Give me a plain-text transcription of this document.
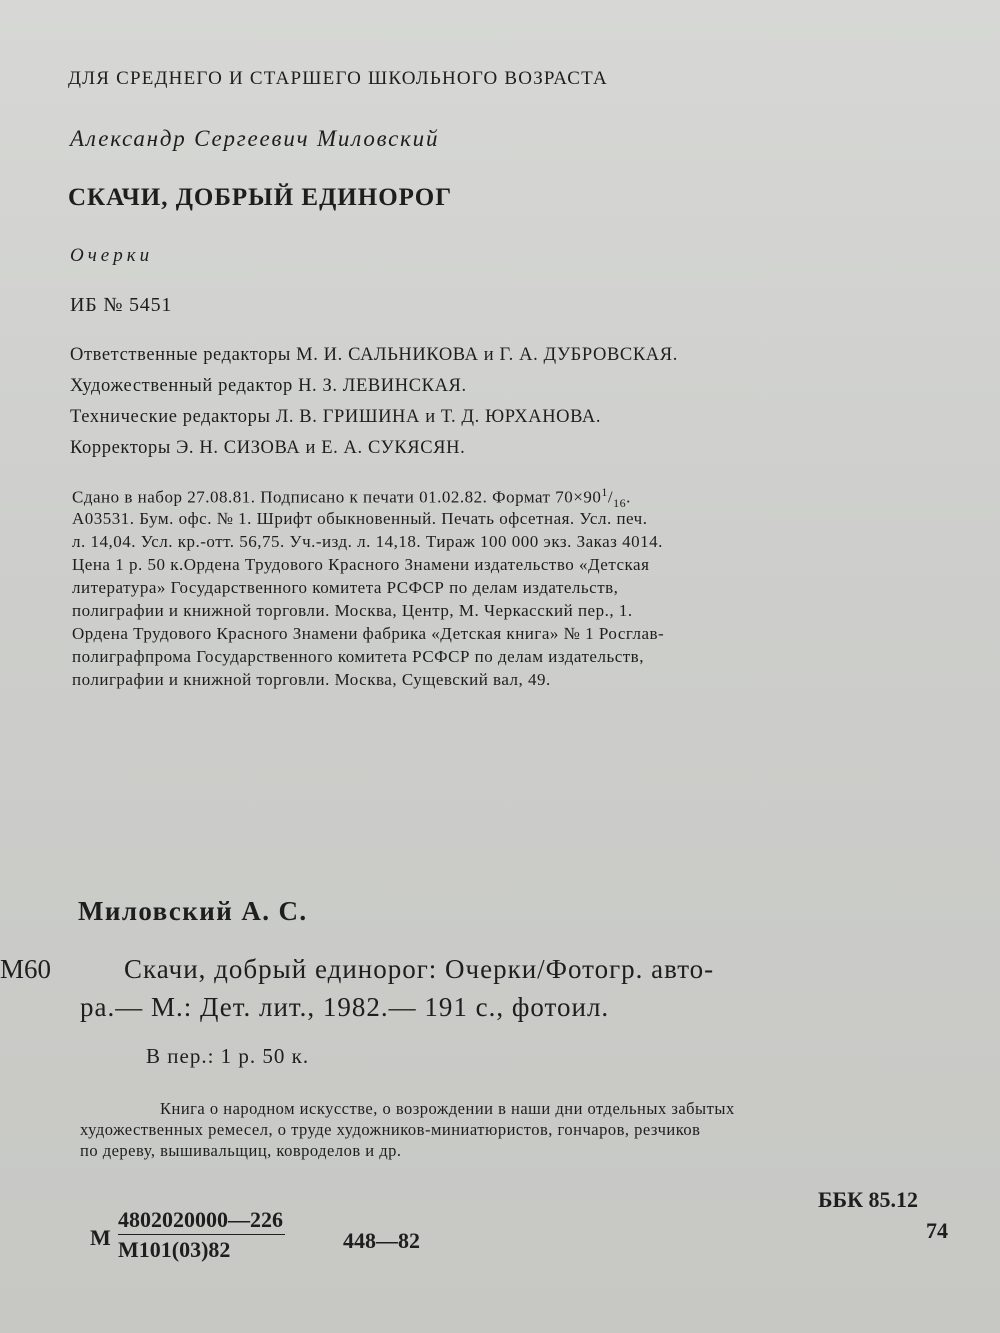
ДЛЯ СРЕДНЕГО И СТАРШЕГО ШКОЛЬНОГО ВОЗРАСТА
Александр Сергеевич Миловский
СКАЧИ, ДОБРЫЙ ЕДИНОРОГ
Очерки
ИБ № 5451
Ответственные редакторы М. И. САЛЬНИКОВА и Г. А. ДУБРОВСКАЯ.
Художественный редактор Н. З. ЛЕВИНСКАЯ.
Технические редакторы Л. В. ГРИШИНА и Т. Д. ЮРХАНОВА.
Корректоры Э. Н. СИЗОВА и Е. А. СУКЯСЯН.
Сдано в набор 27.08.81. Подписано к печати 01.02.82. Формат $70\times 90^1/_{16}$.
А03531. Бум. офс. № 1. Шрифт обыкновенный. Печать офсетная. Усл. печ.
л. 14,04. Усл. кр.-отт. 56,75. Уч.-изд. л. 14,18. Тираж 100 000 экз. Заказ 4014.
Цена 1 р. 50 к.Ордена Трудового Красного Знамени издательство «Детская
литература» Государственного комитета РСФСР по делам издательств,
полиграфии и книжной торговли. Москва, Центр, М. Черкасский пер., 1.
Ордена Трудового Красного Знамени фабрика «Детская книга» № 1 Росглав-
полиграфпрома Государственного комитета РСФСР по делам издательств,
полиграфии и книжной торговли. Москва, Сущевский вал, 49.
Миловский А. С.
М60	Скачи, добрый единорог: Очерки/Фотогр. авто-
ра.— М.: Дет. лит., 1982.— 191 с., фотоил.
В пер.: 1 р. 50 к.
Книга о народном искусстве, о возрождении в наши дни отдельных забытых
художественных ремесел, о труде художников-миниатюристов, гончаров, резчиков
по дереву, вышивальщиц, ковроделов и др.
ББК 85.12
74
М
4802020000—226
М101(03)82	448—82
